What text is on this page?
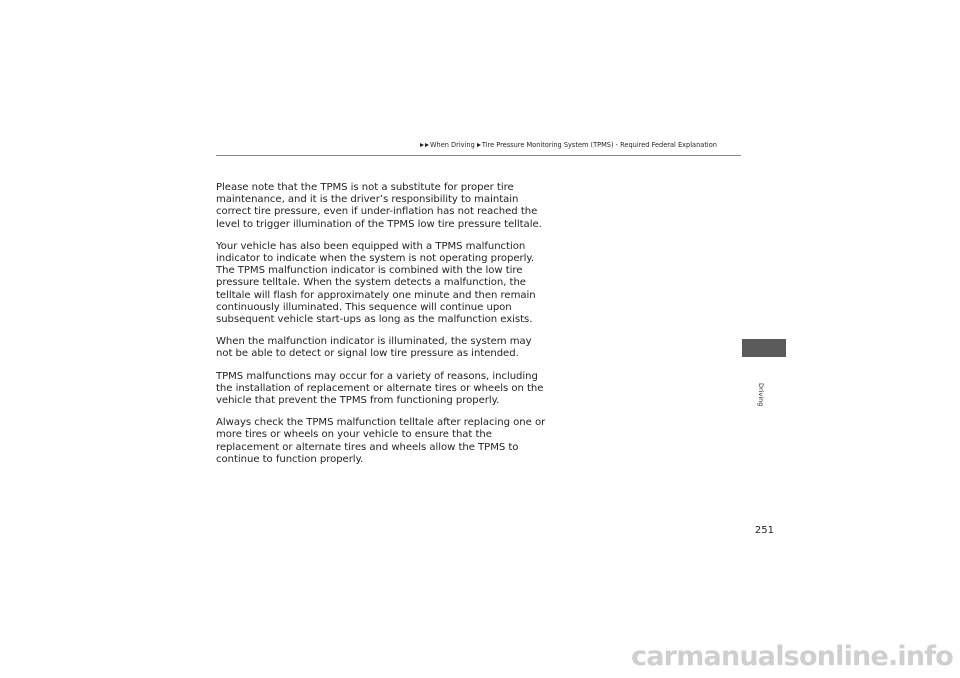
When Driving Tire Pressure Monitoring System (TPMS) - Required Federal Explanation

Please note that the TPMS is not a substitute for proper tire maintenance, and it is the driver’s responsibility to maintain correct tire pressure, even if under-inflation has not reached the level to trigger illumination of the TPMS low tire pressure telltale.

Your vehicle has also been equipped with a TPMS malfunction indicator to indicate when the system is not operating properly. The TPMS malfunction indicator is combined with the low tire pressure telltale. When the system detects a malfunction, the telltale will flash for approximately one minute and then remain continuously illuminated. This sequence will continue upon subsequent vehicle start-ups as long as the malfunction exists.

When the malfunction indicator is illuminated, the system may not be able to detect or signal low tire pressure as intended.

TPMS malfunctions may occur for a variety of reasons, including the installation of replacement or alternate tires or wheels on the vehicle that prevent the TPMS from functioning properly.

Always check the TPMS malfunction telltale after replacing one or more tires or wheels on your vehicle to ensure that the replacement or alternate tires and wheels allow the TPMS to continue to function properly.

Driving
251
carmanualsonline.info
